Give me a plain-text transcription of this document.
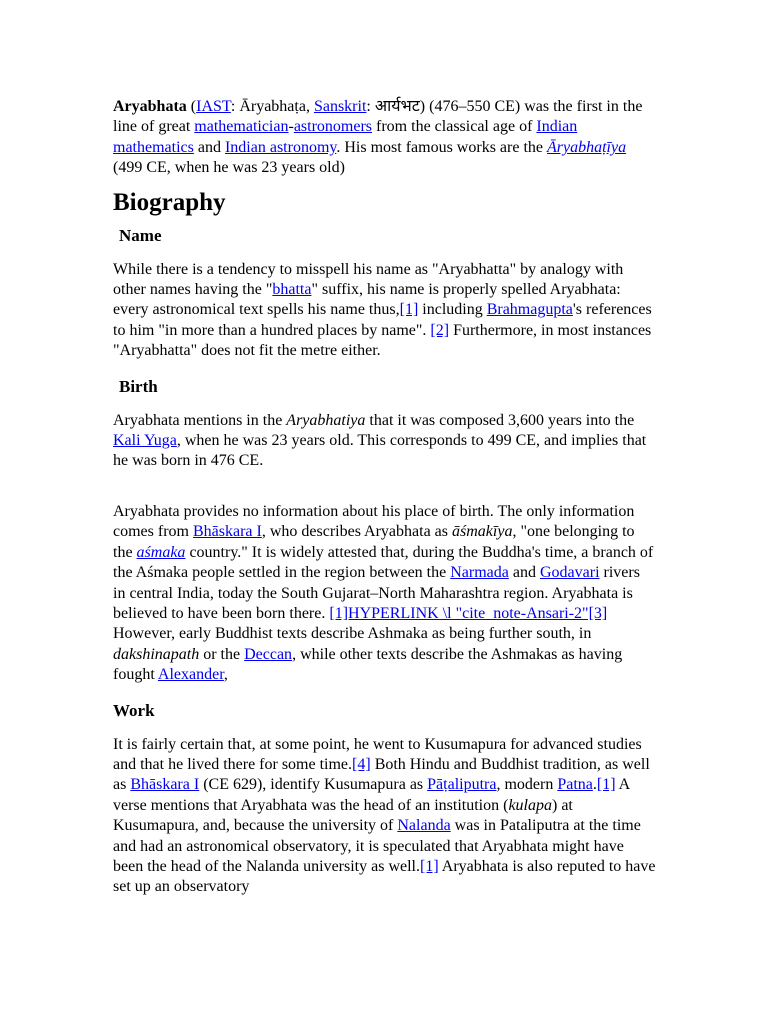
Aryabhata (IAST: Āryabhaṭa, Sanskrit: आर्यभट) (476–550 CE) was the first in the line of great mathematician-astronomers from the classical age of Indian mathematics and Indian astronomy. His most famous works are the Āryabhaṭīya (499 CE, when he was 23 years old)

Biography
Name

While there is a tendency to misspell his name as "Aryabhatta" by analogy with other names having the "bhatta" suffix, his name is properly spelled Aryabhata: every astronomical text spells his name thus,[1] including Brahmagupta's references to him "in more than a hundred places by name". [2] Furthermore, in most instances "Aryabhatta" does not fit the metre either.

Birth

Aryabhata mentions in the Aryabhatiya that it was composed 3,600 years into the Kali Yuga, when he was 23 years old. This corresponds to 499 CE, and implies that he was born in 476 CE.

Aryabhata provides no information about his place of birth. The only information comes from Bhāskara I, who describes Aryabhata as āśmakīya, "one belonging to the aśmaka country." It is widely attested that, during the Buddha's time, a branch of the Aśmaka people settled in the region between the Narmada and Godavari rivers in central India, today the South Gujarat–North Maharashtra region. Aryabhata is believed to have been born there. [1]HYPERLINK \l "cite_note-Ansari-2"[3] However, early Buddhist texts describe Ashmaka as being further south, in dakshinapath or the Deccan, while other texts describe the Ashmakas as having fought Alexander,

Work

It is fairly certain that, at some point, he went to Kusumapura for advanced studies and that he lived there for some time.[4] Both Hindu and Buddhist tradition, as well as Bhāskara I (CE 629), identify Kusumapura as Pāṭaliputra, modern Patna.[1] A verse mentions that Aryabhata was the head of an institution (kulapa) at Kusumapura, and, because the university of Nalanda was in Pataliputra at the time and had an astronomical observatory, it is speculated that Aryabhata might have been the head of the Nalanda university as well.[1] Aryabhata is also reputed to have set up an observatory
